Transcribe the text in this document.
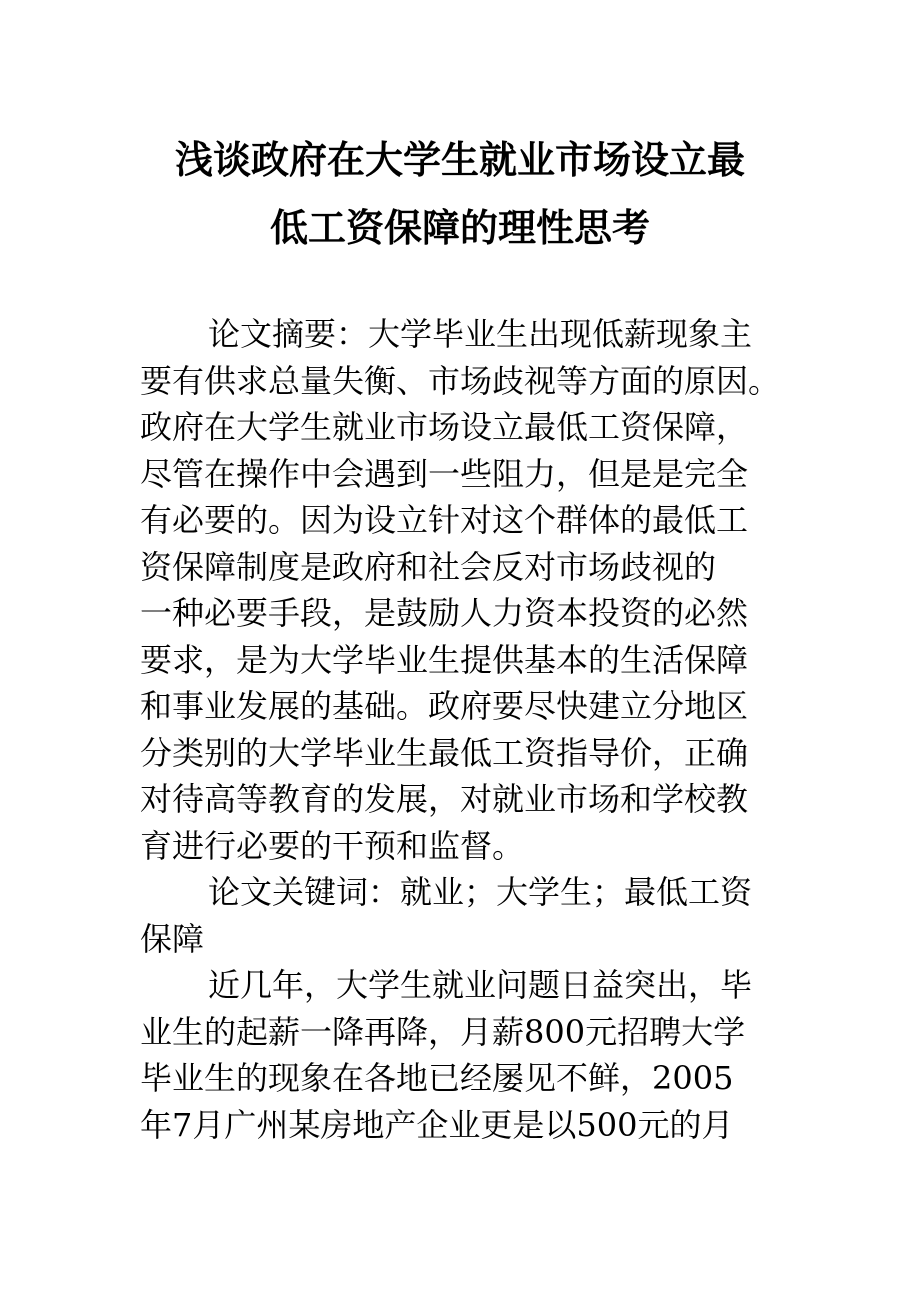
浅谈政府在大学生就业市场设立最
低工资保障的理性思考
论文摘要：大学毕业生出现低薪现象主
要有供求总量失衡、市场歧视等方面的原因。
政府在大学生就业市场设立最低工资保障，
尽管在操作中会遇到一些阻力，但是是完全
有必要的。因为设立针对这个群体的最低工
资保障制度是政府和社会反对市场歧视的
一种必要手段，是鼓励人力资本投资的必然
要求，是为大学毕业生提供基本的生活保障
和事业发展的基础。政府要尽快建立分地区
分类别的大学毕业生最低工资指导价，正确
对待高等教育的发展，对就业市场和学校教
育进行必要的干预和监督。
论文关键词：就业；大学生；最低工资
保障
近几年，大学生就业问题日益突出，毕
业生的起薪一降再降，月薪800元招聘大学
毕业生的现象在各地已经屡见不鲜，2005
年7月广州某房地产企业更是以500元的月
